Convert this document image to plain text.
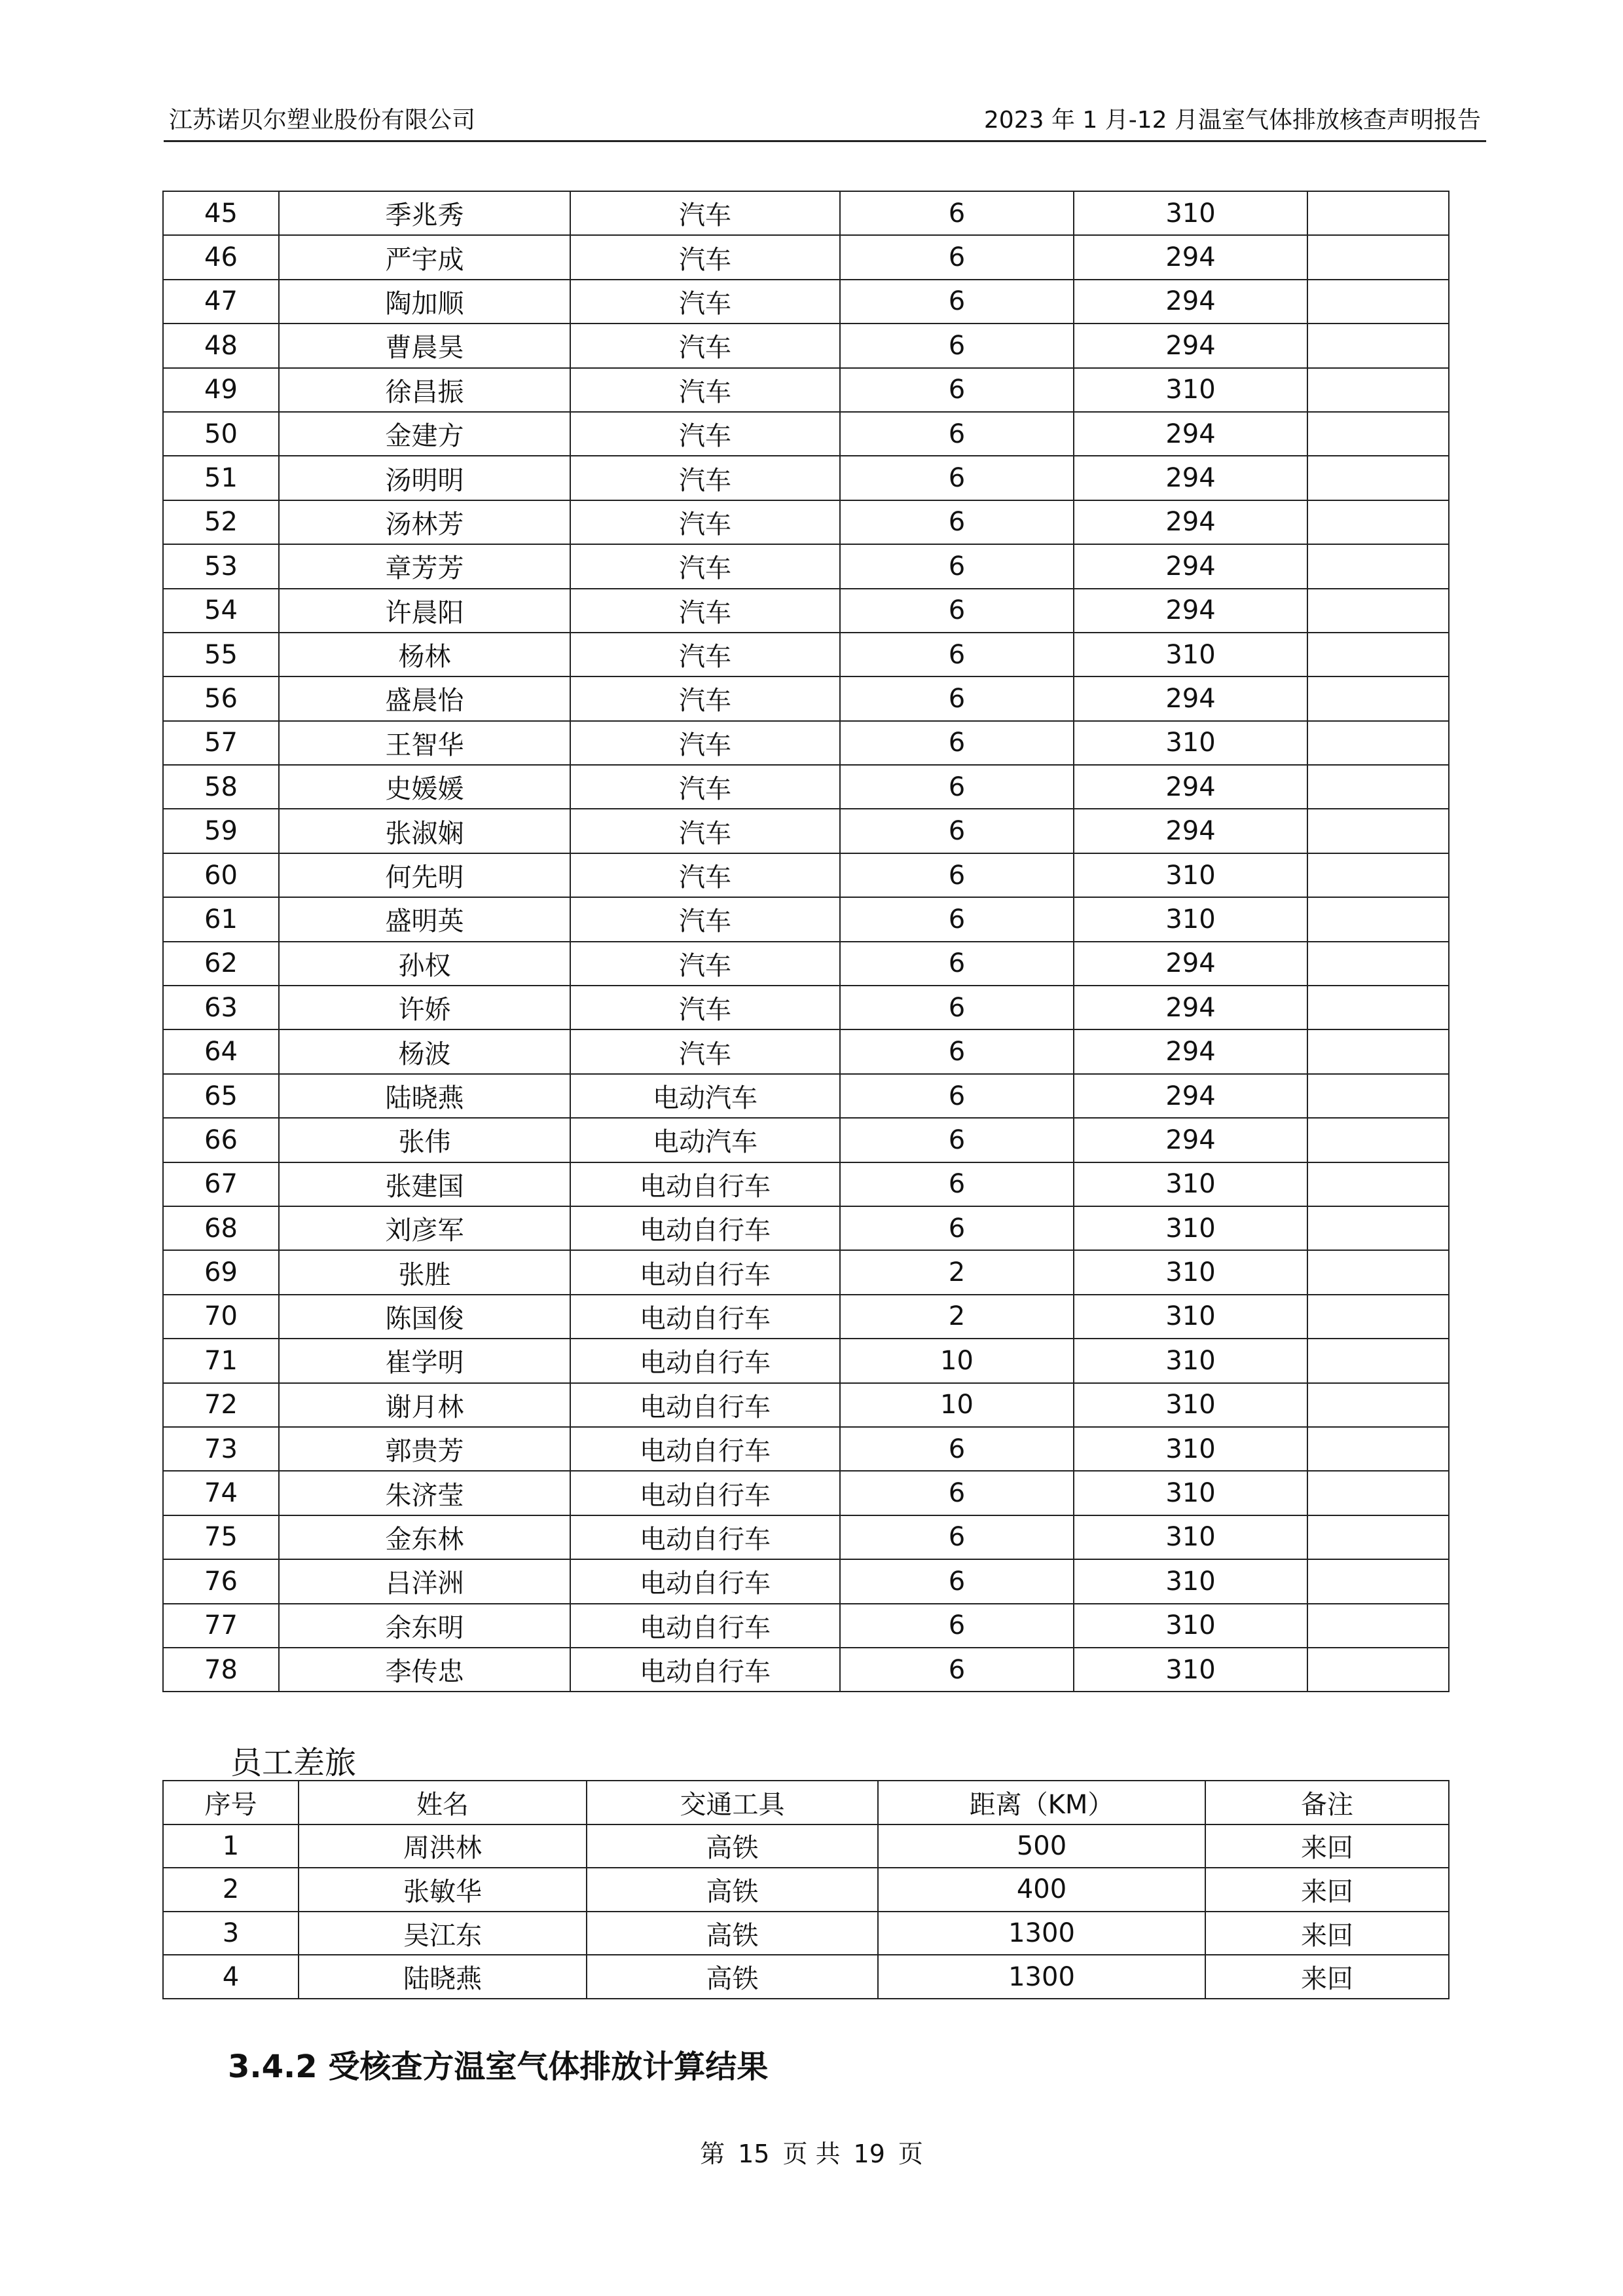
江苏诺贝尔塑业股份有限公司	2023 年 1 月-12 月温室气体排放核查声明报告
45	季兆秀	汽车	6	310	
46	严宇成	汽车	6	294	
47	陶加顺	汽车	6	294	
48	曹晨昊	汽车	6	294	
49	徐昌振	汽车	6	310	
50	金建方	汽车	6	294	
51	汤明明	汽车	6	294	
52	汤林芳	汽车	6	294	
53	章芳芳	汽车	6	294	
54	许晨阳	汽车	6	294	
55	杨林	汽车	6	310	
56	盛晨怡	汽车	6	294	
57	王智华	汽车	6	310	
58	史媛媛	汽车	6	294	
59	张淑娴	汽车	6	294	
60	何先明	汽车	6	310	
61	盛明英	汽车	6	310	
62	孙权	汽车	6	294	
63	许娇	汽车	6	294	
64	杨波	汽车	6	294	
65	陆晓燕	电动汽车	6	294	
66	张伟	电动汽车	6	294	
67	张建国	电动自行车	6	310	
68	刘彦军	电动自行车	6	310	
69	张胜	电动自行车	2	310	
70	陈国俊	电动自行车	2	310	
71	崔学明	电动自行车	10	310	
72	谢月林	电动自行车	10	310	
73	郭贵芳	电动自行车	6	310	
74	朱济莹	电动自行车	6	310	
75	金东林	电动自行车	6	310	
76	吕洋洲	电动自行车	6	310	
77	余东明	电动自行车	6	310	
78	李传忠	电动自行车	6	310	
员工差旅
序号	姓名	交通工具	距离（KM）	备注
1	周洪林	高铁	500	来回
2	张敏华	高铁	400	来回
3	吴江东	高铁	1300	来回
4	陆晓燕	高铁	1300	来回
3.4.2 受核查方温室气体排放计算结果
第 15 页 共 19 页
